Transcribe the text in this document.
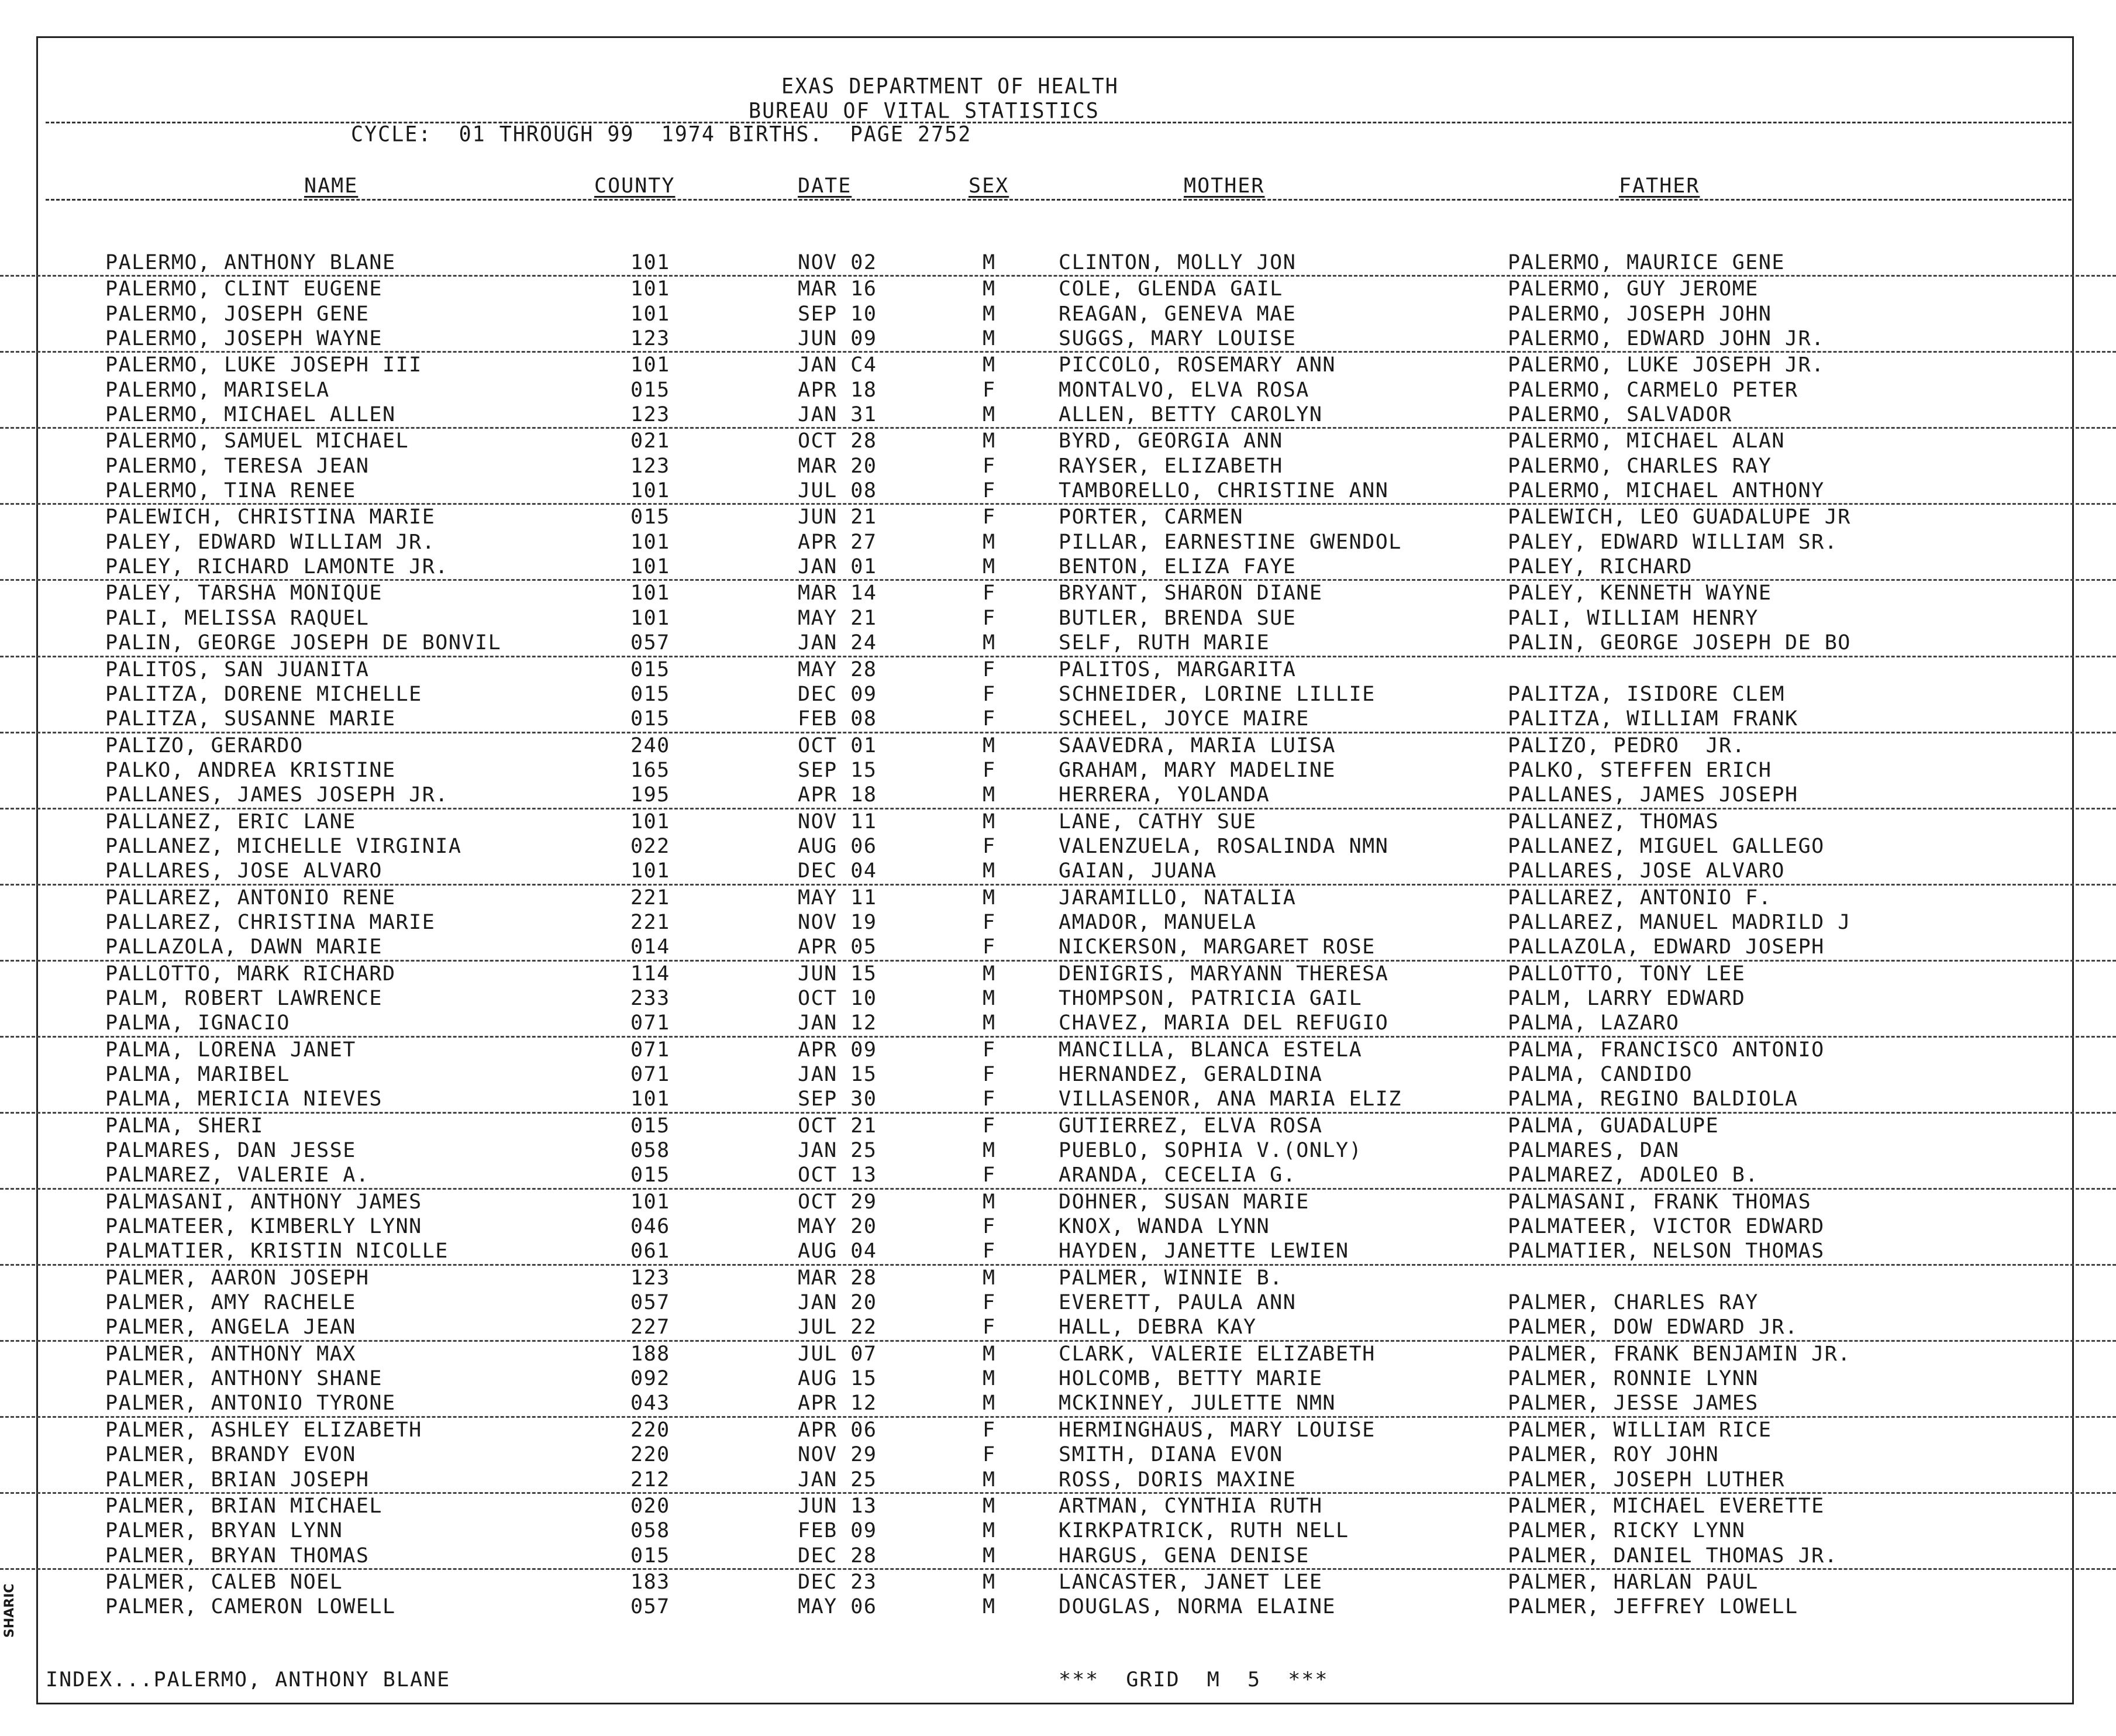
EXAS DEPARTMENT OF HEALTH
BUREAU OF VITAL STATISTICS
CYCLE:  01 THROUGH 99  1974 BIRTHS.  PAGE 2752
NAME	COUNTY	DATE	SEX	MOTHER	FATHER
PALERMO, ANTHONY BLANE	101	NOV 02	M	CLINTON, MOLLY JON	PALERMO, MAURICE GENE
PALERMO, CLINT EUGENE	101	MAR 16	M	COLE, GLENDA GAIL	PALERMO, GUY JEROME
PALERMO, JOSEPH GENE	101	SEP 10	M	REAGAN, GENEVA MAE	PALERMO, JOSEPH JOHN
PALERMO, JOSEPH WAYNE	123	JUN 09	M	SUGGS, MARY LOUISE	PALERMO, EDWARD JOHN JR.
PALERMO, LUKE JOSEPH III	101	JAN C4	M	PICCOLO, ROSEMARY ANN	PALERMO, LUKE JOSEPH JR.
PALERMO, MARISELA	015	APR 18	F	MONTALVO, ELVA ROSA	PALERMO, CARMELO PETER
PALERMO, MICHAEL ALLEN	123	JAN 31	M	ALLEN, BETTY CAROLYN	PALERMO, SALVADOR
PALERMO, SAMUEL MICHAEL	021	OCT 28	M	BYRD, GEORGIA ANN	PALERMO, MICHAEL ALAN
PALERMO, TERESA JEAN	123	MAR 20	F	RAYSER, ELIZABETH	PALERMO, CHARLES RAY
PALERMO, TINA RENEE	101	JUL 08	F	TAMBORELLO, CHRISTINE ANN	PALERMO, MICHAEL ANTHONY
PALEWICH, CHRISTINA MARIE	015	JUN 21	F	PORTER, CARMEN	PALEWICH, LEO GUADALUPE JR
PALEY, EDWARD WILLIAM JR.	101	APR 27	M	PILLAR, EARNESTINE GWENDOL	PALEY, EDWARD WILLIAM SR.
PALEY, RICHARD LAMONTE JR.	101	JAN 01	M	BENTON, ELIZA FAYE	PALEY, RICHARD
PALEY, TARSHA MONIQUE	101	MAR 14	F	BRYANT, SHARON DIANE	PALEY, KENNETH WAYNE
PALI, MELISSA RAQUEL	101	MAY 21	F	BUTLER, BRENDA SUE	PALI, WILLIAM HENRY
PALIN, GEORGE JOSEPH DE BONVIL	057	JAN 24	M	SELF, RUTH MARIE	PALIN, GEORGE JOSEPH DE BO
PALITOS, SAN JUANITA	015	MAY 28	F	PALITOS, MARGARITA
PALITZA, DORENE MICHELLE	015	DEC 09	F	SCHNEIDER, LORINE LILLIE	PALITZA, ISIDORE CLEM
PALITZA, SUSANNE MARIE	015	FEB 08	F	SCHEEL, JOYCE MAIRE	PALITZA, WILLIAM FRANK
PALIZO, GERARDO	240	OCT 01	M	SAAVEDRA, MARIA LUISA	PALIZO, PEDRO  JR.
PALKO, ANDREA KRISTINE	165	SEP 15	F	GRAHAM, MARY MADELINE	PALKO, STEFFEN ERICH
PALLANES, JAMES JOSEPH JR.	195	APR 18	M	HERRERA, YOLANDA	PALLANES, JAMES JOSEPH
PALLANEZ, ERIC LANE	101	NOV 11	M	LANE, CATHY SUE	PALLANEZ, THOMAS
PALLANEZ, MICHELLE VIRGINIA	022	AUG 06	F	VALENZUELA, ROSALINDA NMN	PALLANEZ, MIGUEL GALLEGO
PALLARES, JOSE ALVARO	101	DEC 04	M	GAIAN, JUANA	PALLARES, JOSE ALVARO
PALLAREZ, ANTONIO RENE	221	MAY 11	M	JARAMILLO, NATALIA	PALLAREZ, ANTONIO F.
PALLAREZ, CHRISTINA MARIE	221	NOV 19	F	AMADOR, MANUELA	PALLAREZ, MANUEL MADRILD J
PALLAZOLA, DAWN MARIE	014	APR 05	F	NICKERSON, MARGARET ROSE	PALLAZOLA, EDWARD JOSEPH
PALLOTTO, MARK RICHARD	114	JUN 15	M	DENIGRIS, MARYANN THERESA	PALLOTTO, TONY LEE
PALM, ROBERT LAWRENCE	233	OCT 10	M	THOMPSON, PATRICIA GAIL	PALM, LARRY EDWARD
PALMA, IGNACIO	071	JAN 12	M	CHAVEZ, MARIA DEL REFUGIO	PALMA, LAZARO
PALMA, LORENA JANET	071	APR 09	F	MANCILLA, BLANCA ESTELA	PALMA, FRANCISCO ANTONIO
PALMA, MARIBEL	071	JAN 15	F	HERNANDEZ, GERALDINA	PALMA, CANDIDO
PALMA, MERICIA NIEVES	101	SEP 30	F	VILLASENOR, ANA MARIA ELIZ	PALMA, REGINO BALDIOLA
PALMA, SHERI	015	OCT 21	F	GUTIERREZ, ELVA ROSA	PALMA, GUADALUPE
PALMARES, DAN JESSE	058	JAN 25	M	PUEBLO, SOPHIA V.(ONLY)	PALMARES, DAN
PALMAREZ, VALERIE A.	015	OCT 13	F	ARANDA, CECELIA G.	PALMAREZ, ADOLEO B.
PALMASANI, ANTHONY JAMES	101	OCT 29	M	DOHNER, SUSAN MARIE	PALMASANI, FRANK THOMAS
PALMATEER, KIMBERLY LYNN	046	MAY 20	F	KNOX, WANDA LYNN	PALMATEER, VICTOR EDWARD
PALMATIER, KRISTIN NICOLLE	061	AUG 04	F	HAYDEN, JANETTE LEWIEN	PALMATIER, NELSON THOMAS
PALMER, AARON JOSEPH	123	MAR 28	M	PALMER, WINNIE B.
PALMER, AMY RACHELE	057	JAN 20	F	EVERETT, PAULA ANN	PALMER, CHARLES RAY
PALMER, ANGELA JEAN	227	JUL 22	F	HALL, DEBRA KAY	PALMER, DOW EDWARD JR.
PALMER, ANTHONY MAX	188	JUL 07	M	CLARK, VALERIE ELIZABETH	PALMER, FRANK BENJAMIN JR.
PALMER, ANTHONY SHANE	092	AUG 15	M	HOLCOMB, BETTY MARIE	PALMER, RONNIE LYNN
PALMER, ANTONIO TYRONE	043	APR 12	M	MCKINNEY, JULETTE NMN	PALMER, JESSE JAMES
PALMER, ASHLEY ELIZABETH	220	APR 06	F	HERMINGHAUS, MARY LOUISE	PALMER, WILLIAM RICE
PALMER, BRANDY EVON	220	NOV 29	F	SMITH, DIANA EVON	PALMER, ROY JOHN
PALMER, BRIAN JOSEPH	212	JAN 25	M	ROSS, DORIS MAXINE	PALMER, JOSEPH LUTHER
PALMER, BRIAN MICHAEL	020	JUN 13	M	ARTMAN, CYNTHIA RUTH	PALMER, MICHAEL EVERETTE
PALMER, BRYAN LYNN	058	FEB 09	M	KIRKPATRICK, RUTH NELL	PALMER, RICKY LYNN
PALMER, BRYAN THOMAS	015	DEC 28	M	HARGUS, GENA DENISE	PALMER, DANIEL THOMAS JR.
PALMER, CALEB NOEL	183	DEC 23	M	LANCASTER, JANET LEE	PALMER, HARLAN PAUL
PALMER, CAMERON LOWELL	057	MAY 06	M	DOUGLAS, NORMA ELAINE	PALMER, JEFFREY LOWELL
INDEX...PALERMO, ANTHONY BLANE	***  GRID  M  5  ***
SHARIC
